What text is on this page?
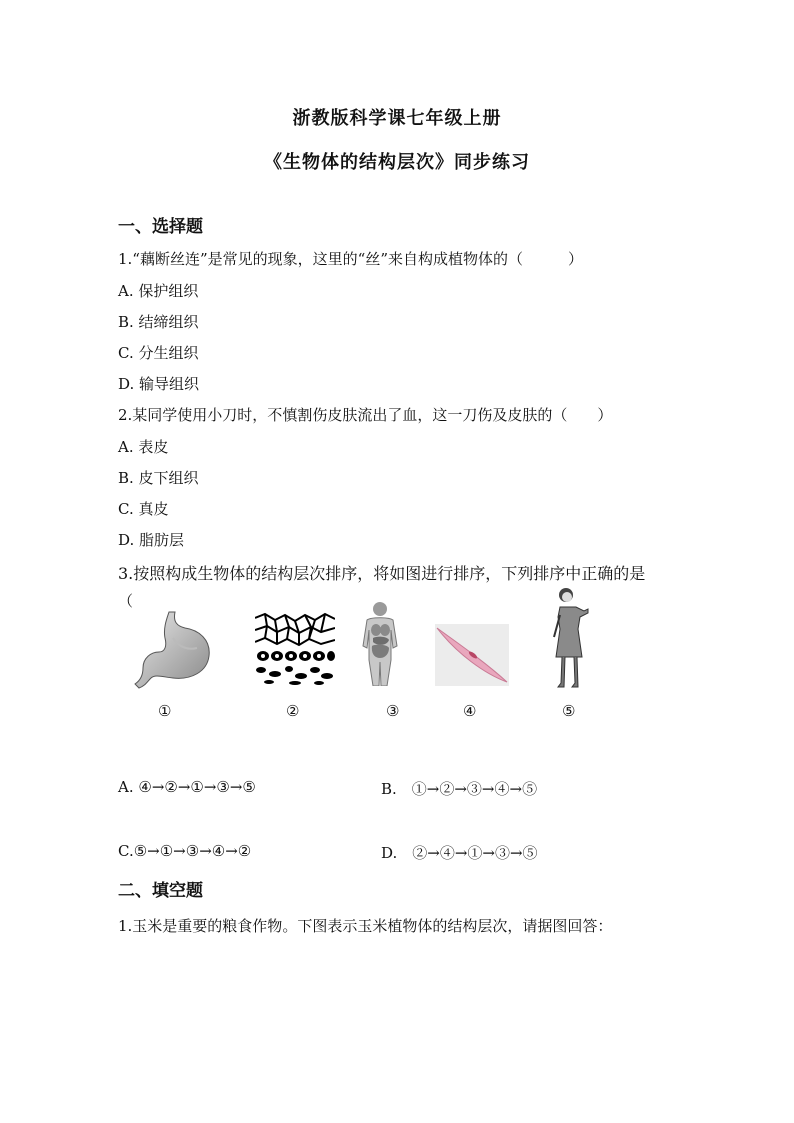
浙教版科学课七年级上册
《生物体的结构层次》同步练习
一、选择题
1.“藕断丝连”是常见的现象，这里的“丝”来自构成植物体的（　　　）
A. 保护组织
B. 结缔组织
C. 分生组织
D. 输导组织
2.某同学使用小刀时，不慎割伤皮肤流出了血，这一刀伤及皮肤的（　　）
A. 表皮
B. 皮下组织
C. 真皮
D. 脂肪层
3.按照构成生物体的结构层次排序，将如图进行排序，下列排序中正确的是
（
①	②	③	④	⑤
A. ④→②→①→③→⑤	B.　①→②→③→④→⑤
C.⑤→①→③→④→②	D.　②→④→①→③→⑤
二、填空题
1.玉米是重要的粮食作物。下图表示玉米植物体的结构层次，请据图回答：
